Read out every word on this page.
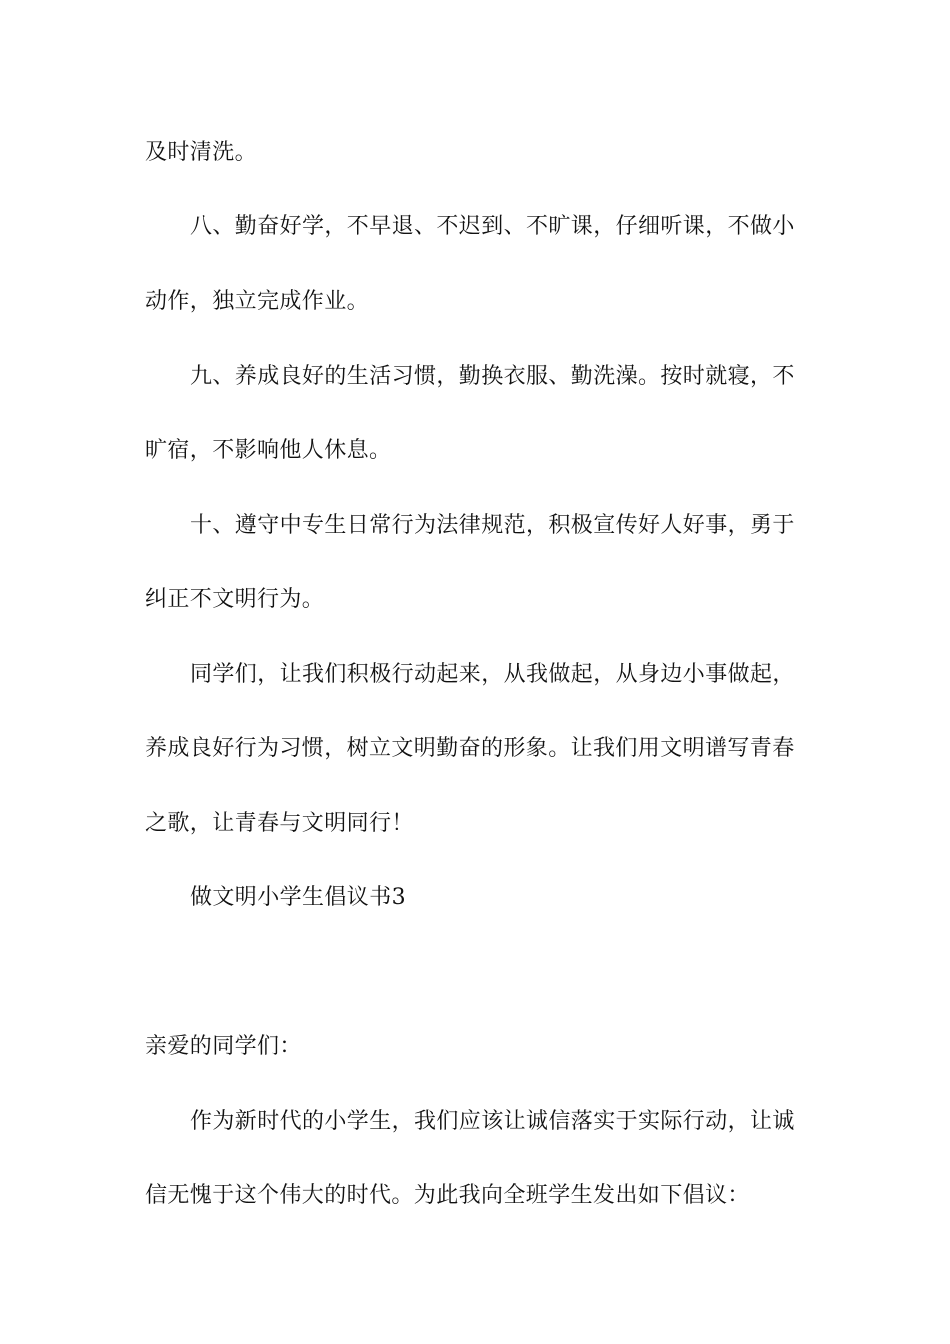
及时清洗。
八、勤奋好学，不早退、不迟到、不旷课，仔细听课，不做小
动作，独立完成作业。
九、养成良好的生活习惯，勤换衣服、勤洗澡。按时就寝，不
旷宿，不影响他人休息。
十、遵守中专生日常行为法律规范，积极宣传好人好事，勇于
纠正不文明行为。
同学们，让我们积极行动起来，从我做起，从身边小事做起，
养成良好行为习惯，树立文明勤奋的形象。让我们用文明谱写青春
之歌，让青春与文明同行！
做文明小学生倡议书3
亲爱的同学们：
作为新时代的小学生，我们应该让诚信落实于实际行动，让诚
信无愧于这个伟大的时代。为此我向全班学生发出如下倡议：
